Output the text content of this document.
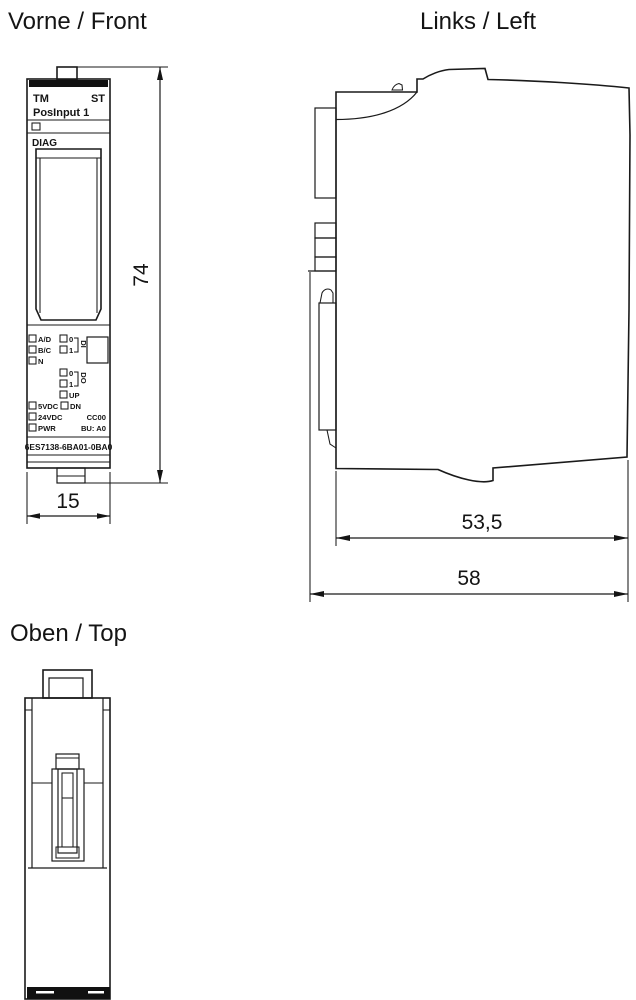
Vorne / Front
74
TM	ST
PosInput 1
DIAG
A/D 0
B/C 1
DI
N
0
1
DO
UP
5VDC DN
24VDC	CC00
PWR	BU: A0
6ES7138-6BA01-0BA0
15
Links / Left
53,5
58
Oben / Top
